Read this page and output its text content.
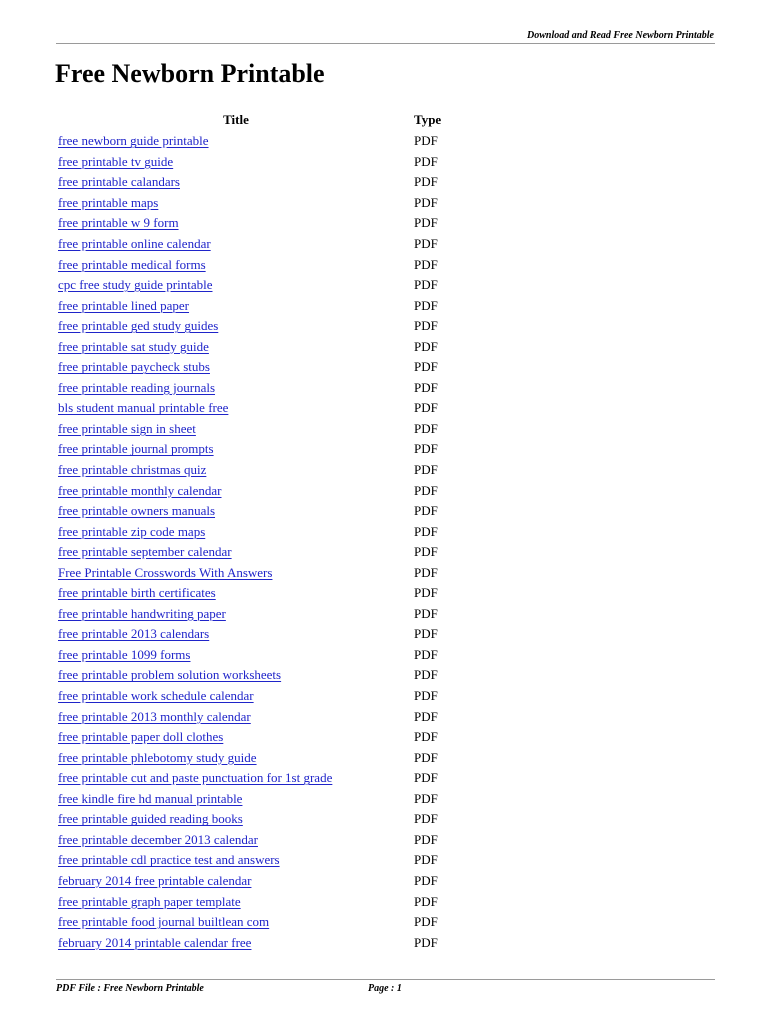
Download and Read Free Newborn Printable
Free Newborn Printable
Title	Type
free newborn guide printable	PDF
free printable tv guide	PDF
free printable calandars	PDF
free printable maps	PDF
free printable w 9 form	PDF
free printable online calendar	PDF
free printable medical forms	PDF
cpc free study guide printable	PDF
free printable lined paper	PDF
free printable ged study guides	PDF
free printable sat study guide	PDF
free printable paycheck stubs	PDF
free printable reading journals	PDF
bls student manual printable free	PDF
free printable sign in sheet	PDF
free printable journal prompts	PDF
free printable christmas quiz	PDF
free printable monthly calendar	PDF
free printable owners manuals	PDF
free printable zip code maps	PDF
free printable september calendar	PDF
Free Printable Crosswords With Answers	PDF
free printable birth certificates	PDF
free printable handwriting paper	PDF
free printable 2013 calendars	PDF
free printable 1099 forms	PDF
free printable problem solution worksheets	PDF
free printable work schedule calendar	PDF
free printable 2013 monthly calendar	PDF
free printable paper doll clothes	PDF
free printable phlebotomy study guide	PDF
free printable cut and paste punctuation for 1st grade	PDF
free kindle fire hd manual printable	PDF
free printable guided reading books	PDF
free printable december 2013 calendar	PDF
free printable cdl practice test and answers	PDF
february 2014 free printable calendar	PDF
free printable graph paper template	PDF
free printable food journal builtlean com	PDF
february 2014 printable calendar free	PDF
PDF File : Free Newborn Printable	Page : 1
